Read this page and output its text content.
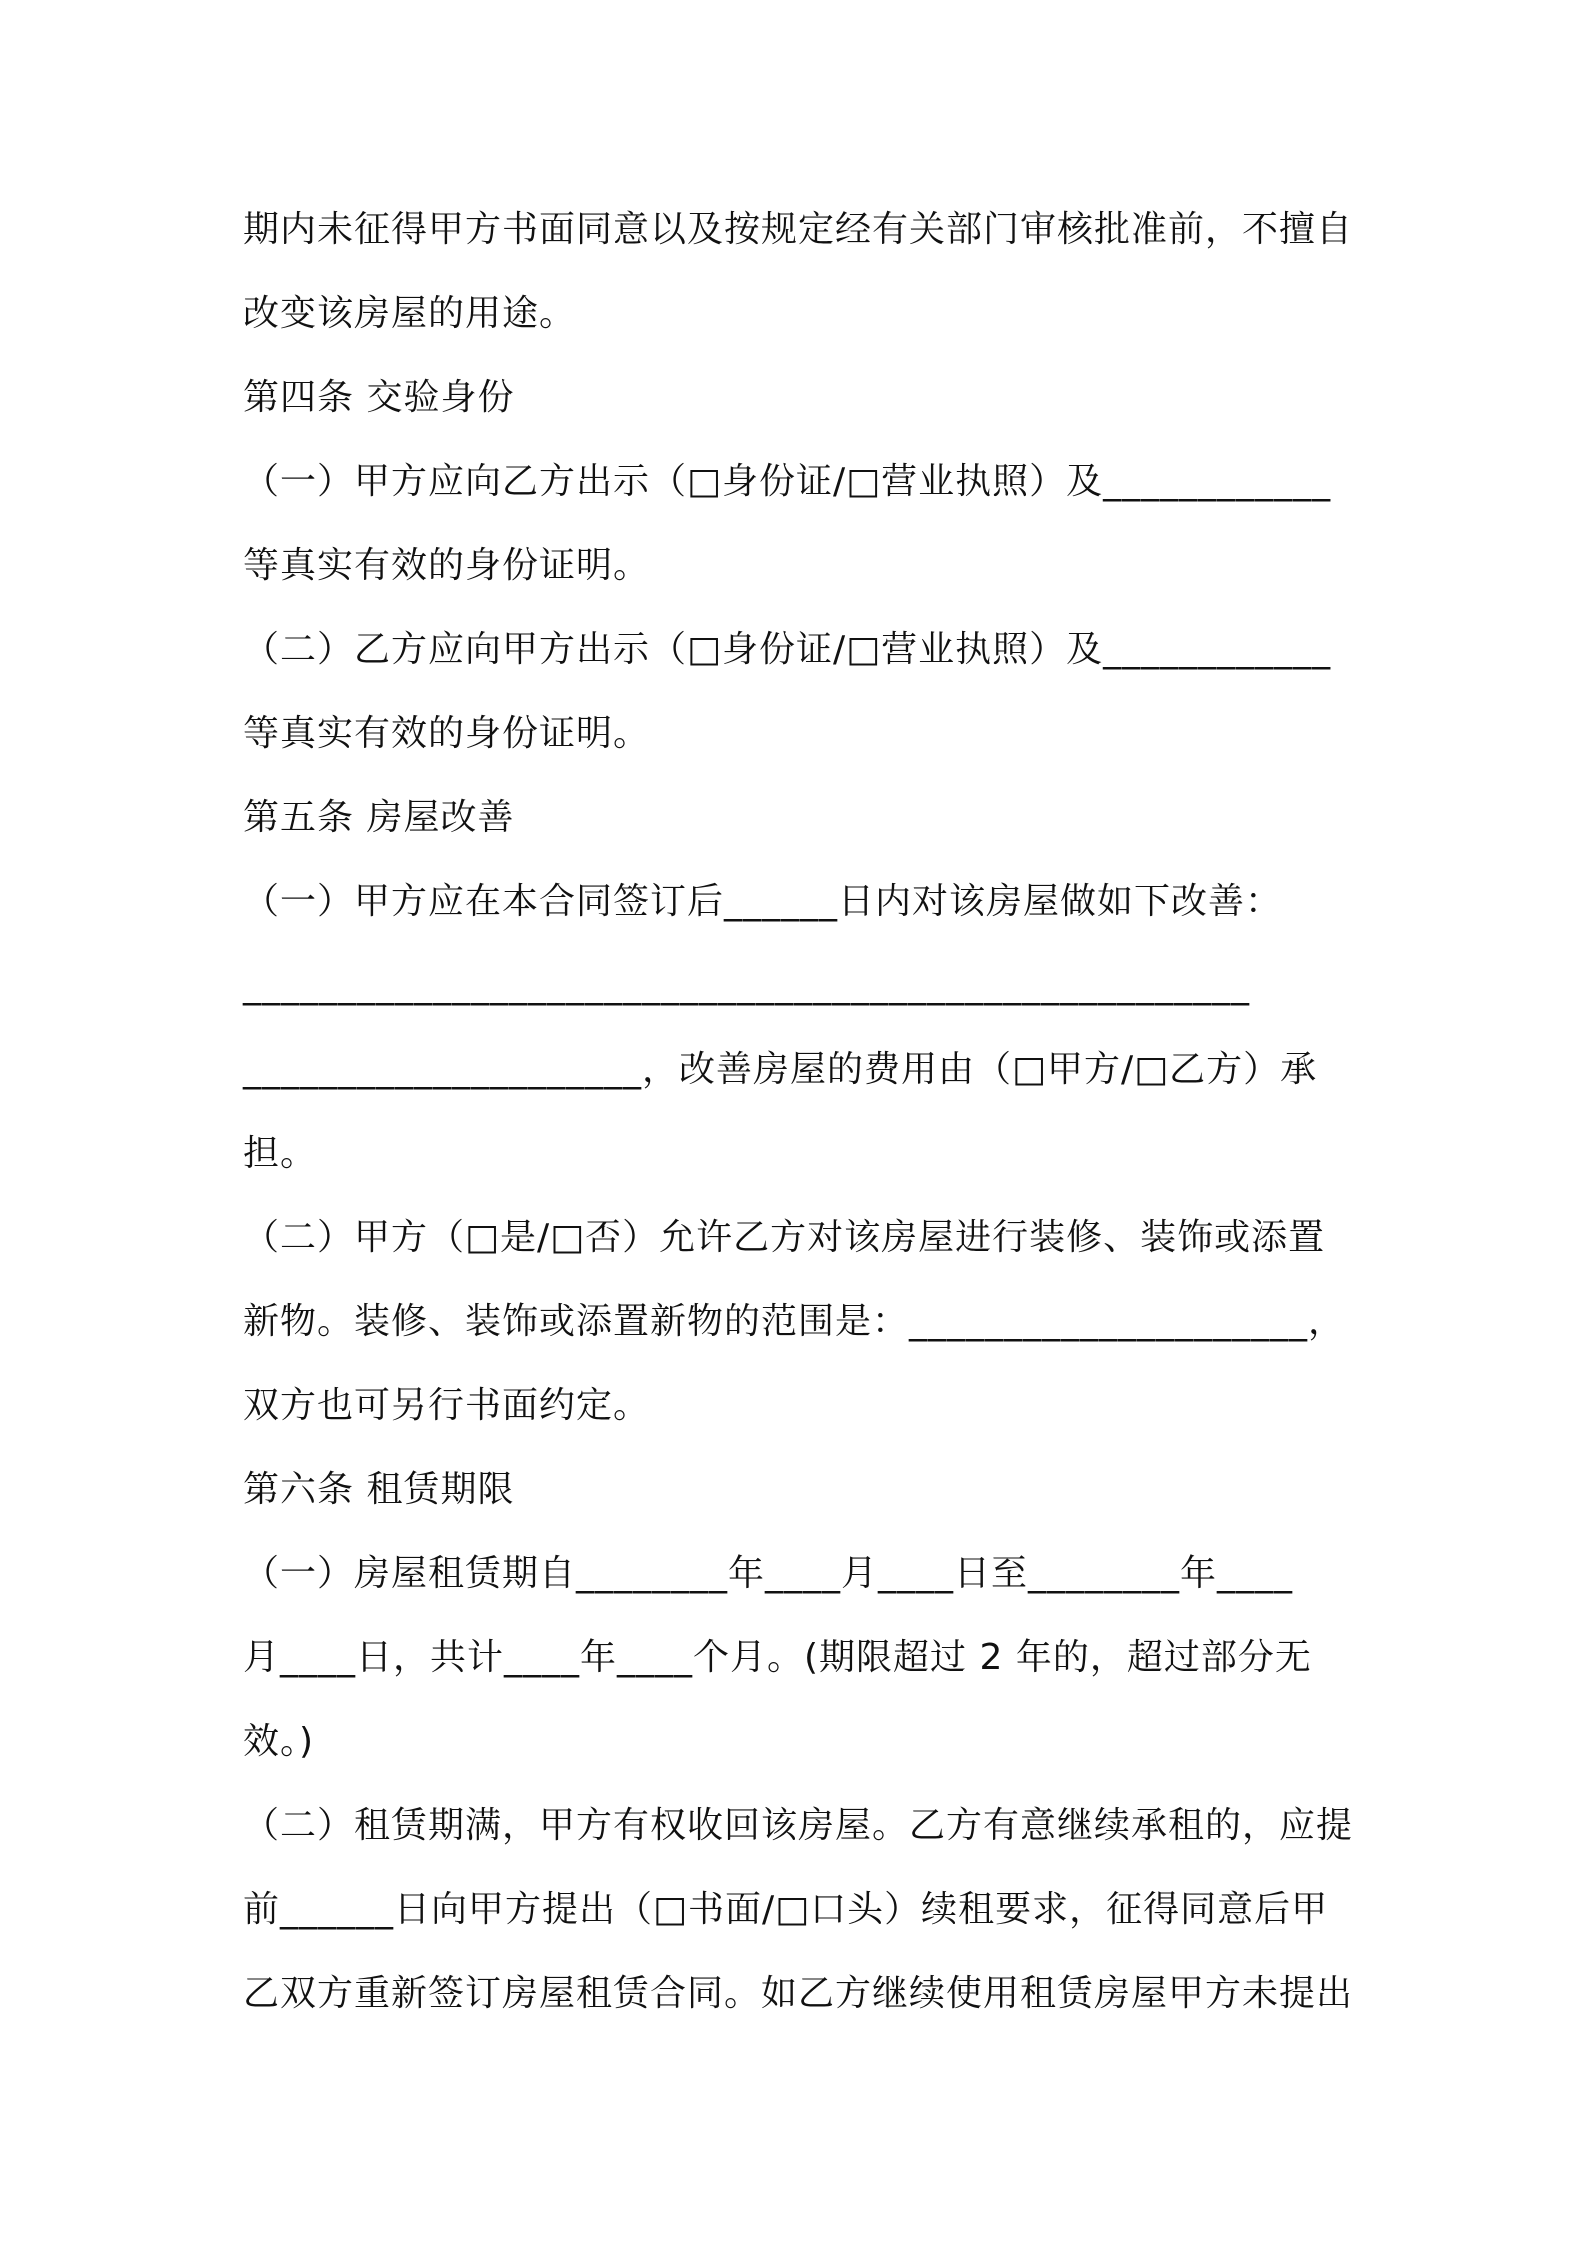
期内未征得甲方书面同意以及按规定经有关部门审核批准前，不擅自
改变该房屋的用途。
第四条 交验身份
（一）甲方应向乙方出示（□身份证/□营业执照）及____________
等真实有效的身份证明。
（二）乙方应向甲方出示（□身份证/□营业执照）及____________
等真实有效的身份证明。
第五条 房屋改善
（一）甲方应在本合同签订后______日内对该房屋做如下改善：
_____________________________________________________
_____________________，改善房屋的费用由（□甲方/□乙方）承
担。
（二）甲方（□是/□否）允许乙方对该房屋进行装修、装饰或添置
新物。装修、装饰或添置新物的范围是：_____________________，
双方也可另行书面约定。
第六条 租赁期限
（一）房屋租赁期自________年____月____日至________年____
月____日，共计____年____个月。(期限超过 2 年的，超过部分无
效。)
（二）租赁期满，甲方有权收回该房屋。乙方有意继续承租的，应提
前______日向甲方提出（□书面/□口头）续租要求，征得同意后甲
乙双方重新签订房屋租赁合同。如乙方继续使用租赁房屋甲方未提出
